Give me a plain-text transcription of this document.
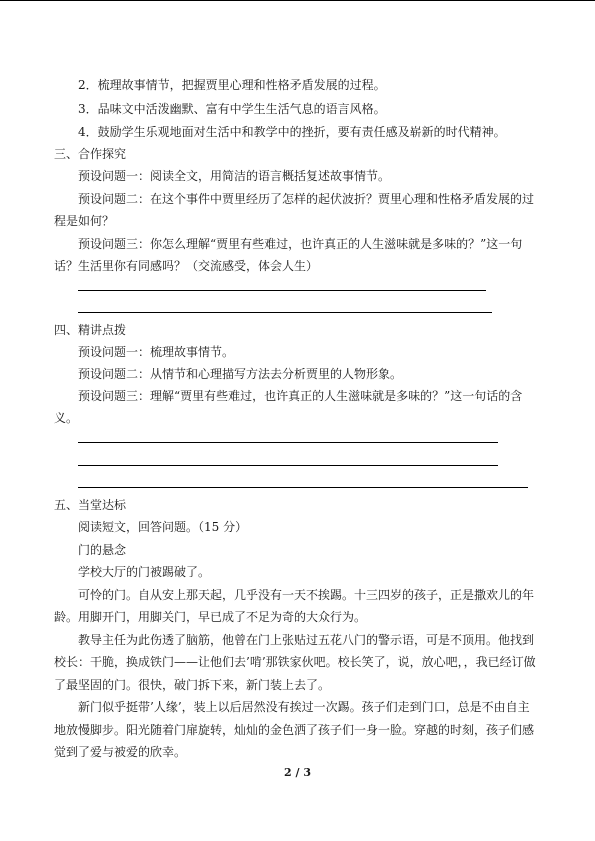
2．梳理故事情节，把握贾里心理和性格矛盾发展的过程。
3．品味文中活泼幽默、富有中学生生活气息的语言风格。
4．鼓励学生乐观地面对生活中和教学中的挫折，要有责任感及崭新的时代精神。
三、合作探究
预设问题一：阅读全文，用简洁的语言概括复述故事情节。
预设问题二：在这个事件中贾里经历了怎样的起伏波折？贾里心理和性格矛盾发展的过
程是如何？
预设问题三：你怎么理解“贾里有些难过，也许真正的人生滋味就是多味的？”这一句
话？生活里你有同感吗？（交流感受，体会人生）
四、精讲点拨
预设问题一：梳理故事情节。
预设问题二：从情节和心理描写方法去分析贾里的人物形象。
预设问题三：理解“贾里有些难过，也许真正的人生滋味就是多味的？”这一句话的含
义。
五、当堂达标
阅读短文，回答问题。（15 分）
门的悬念
学校大厅的门被踢破了。
可怜的门。自从安上那天起，几乎没有一天不挨踢。十三四岁的孩子，正是撒欢儿的年
龄。用脚开门，用脚关门，早已成了不足为奇的大众行为。
教导主任为此伤透了脑筋，他曾在门上张贴过五花八门的警示语，可是不顶用。他找到
校长：干脆，换成铁门——让他们去’啃’那铁家伙吧。校长笑了，说，放心吧，，我已经订做
了最坚固的门。很快，破门拆下来，新门装上去了。
新门似乎挺带’人缘’，装上以后居然没有挨过一次踢。孩子们走到门口，总是不由自主
地放慢脚步。阳光随着门扉旋转，灿灿的金色洒了孩子们一身一脸。穿越的时刻，孩子们感
觉到了爱与被爱的欣幸。
2 / 3
